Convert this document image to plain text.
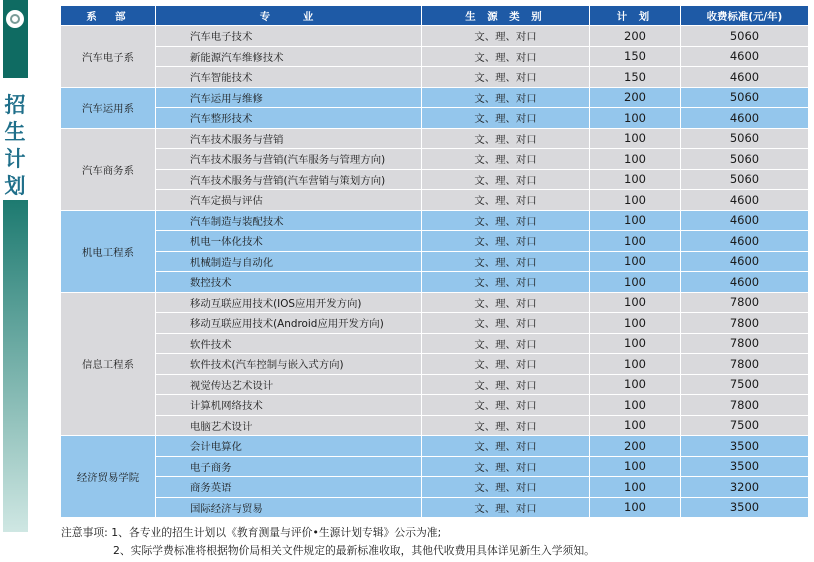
招
生
计
划
系　部	专　　业	生 源 类 别	计 划	收费标准(元/年)
汽车电子系	汽车电子技术	文、理、对口	200	5060
	新能源汽车维修技术	文、理、对口	150	4600
	汽车智能技术	文、理、对口	150	4600
汽车运用系	汽车运用与维修	文、理、对口	200	5060
	汽车整形技术	文、理、对口	100	4600
汽车商务系	汽车技术服务与营销	文、理、对口	100	5060
	汽车技术服务与营销(汽车服务与管理方向)	文、理、对口	100	5060
	汽车技术服务与营销(汽车营销与策划方向)	文、理、对口	100	5060
	汽车定损与评估	文、理、对口	100	4600
机电工程系	汽车制造与装配技术	文、理、对口	100	4600
	机电一体化技术	文、理、对口	100	4600
	机械制造与自动化	文、理、对口	100	4600
	数控技术	文、理、对口	100	4600
信息工程系	移动互联应用技术(IOS应用开发方向)	文、理、对口	100	7800
	移动互联应用技术(Android应用开发方向)	文、理、对口	100	7800
	软件技术	文、理、对口	100	7800
	软件技术(汽车控制与嵌入式方向)	文、理、对口	100	7800
	视觉传达艺术设计	文、理、对口	100	7500
	计算机网络技术	文、理、对口	100	7800
	电脑艺术设计	文、理、对口	100	7500
经济贸易学院	会计电算化	文、理、对口	200	3500
	电子商务	文、理、对口	100	3500
	商务英语	文、理、对口	100	3200
	国际经济与贸易	文、理、对口	100	3500
注意事项: 1、各专业的招生计划以《教育测量与评价•生源计划专辑》公示为准;
2、实际学费标准将根据物价局相关文件规定的最新标准收取，其他代收费用具体详见新生入学须知。
